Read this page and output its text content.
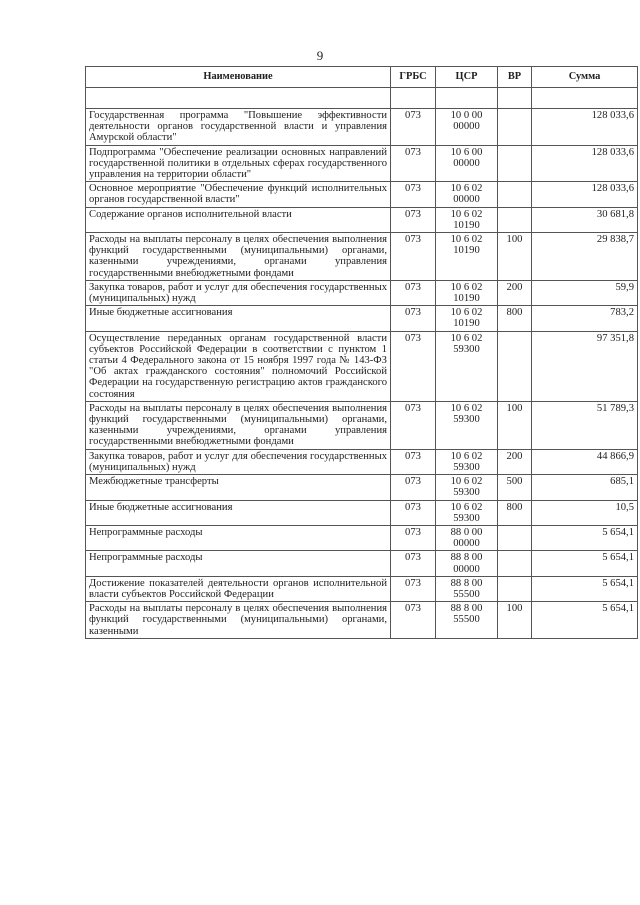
9
Наименование	ГРБС	ЦСР	ВР	Сумма

Государственная программа "Повышение эффективности деятельности органов государственной власти и управления Амурской области"	073	10 0 00 00000		128 033,6
Подпрограмма "Обеспечение реализации основных направлений государственной политики в отдельных сферах государственного управления на территории области"	073	10 6 00 00000		128 033,6
Основное мероприятие "Обеспечение функций исполнительных органов государственной власти"	073	10 6 02 00000		128 033,6
Содержание органов исполнительной власти	073	10 6 02 10190		30 681,8
Расходы на выплаты персоналу в целях обеспечения выполнения функций государственными (муниципальными) органами, казенными учреждениями, органами управления государственными внебюджетными фондами	073	10 6 02 10190	100	29 838,7
Закупка товаров, работ и услуг для обеспечения государственных (муниципальных) нужд	073	10 6 02 10190	200	59,9
Иные бюджетные ассигнования	073	10 6 02 10190	800	783,2
Осуществление переданных органам государственной власти субъектов Российской Федерации в соответствии с пунктом 1 статьи 4 Федерального закона от 15 ноября 1997 года № 143-ФЗ "Об актах гражданского состояния" полномочий Российской Федерации на государственную регистрацию актов гражданского состояния	073	10 6 02 59300		97 351,8
Расходы на выплаты персоналу в целях обеспечения выполнения функций государственными (муниципальными) органами, казенными учреждениями, органами управления государственными внебюджетными фондами	073	10 6 02 59300	100	51 789,3
Закупка товаров, работ и услуг для обеспечения государственных (муниципальных) нужд	073	10 6 02 59300	200	44 866,9
Межбюджетные трансферты	073	10 6 02 59300	500	685,1
Иные бюджетные ассигнования	073	10 6 02 59300	800	10,5
Непрограммные расходы	073	88 0 00 00000		5 654,1
Непрограммные расходы	073	88 8 00 00000		5 654,1
Достижение показателей деятельности органов исполнительной власти субъектов Российской Федерации	073	88 8 00 55500		5 654,1
Расходы на выплаты персоналу в целях обеспечения выполнения функций государственными (муниципальными) органами, казенными	073	88 8 00 55500	100	5 654,1
